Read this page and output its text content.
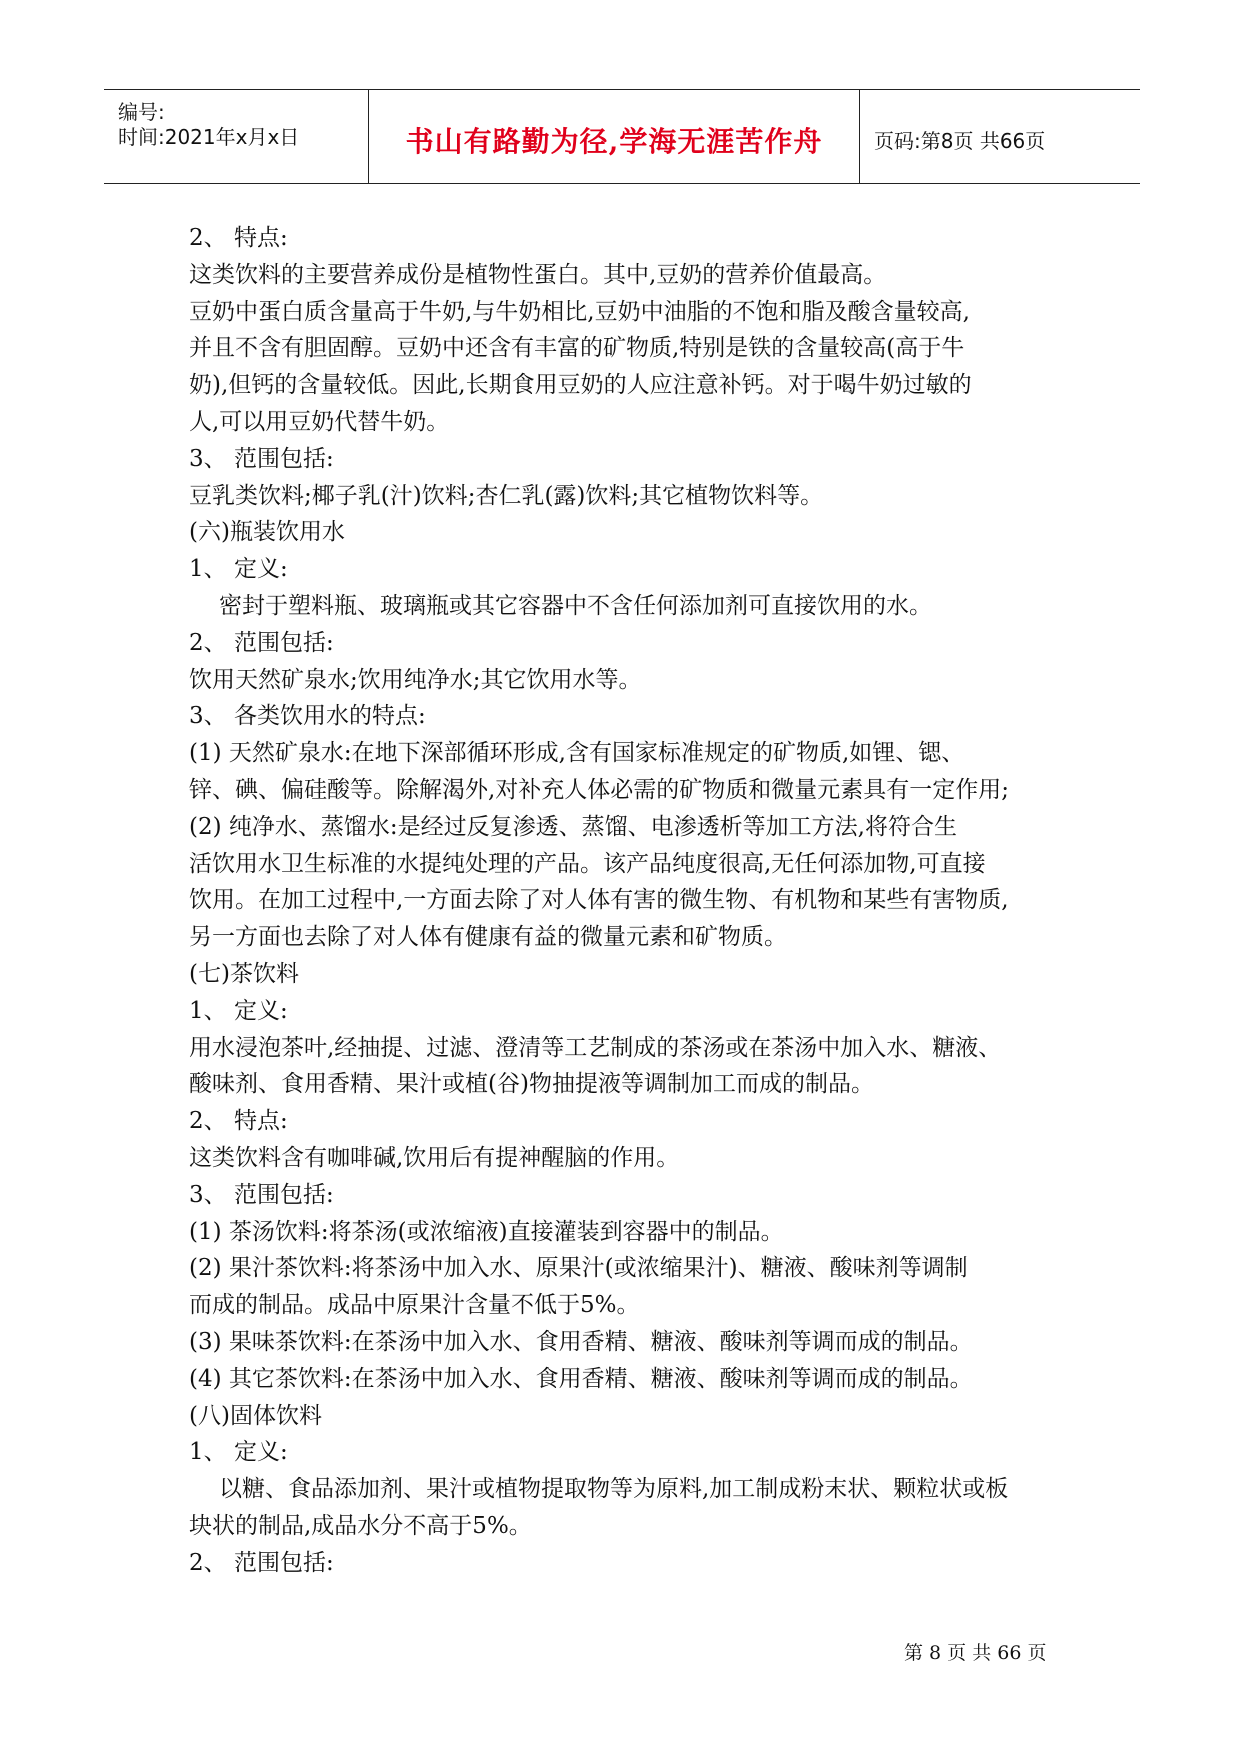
编号:
时间:2021年x月x日	书山有路勤为径,学海无涯苦作舟	页码:第8页 共66页
2、 特点:
这类饮料的主要营养成份是植物性蛋白。其中,豆奶的营养价值最高。
豆奶中蛋白质含量高于牛奶,与牛奶相比,豆奶中油脂的不饱和脂及酸含量较高,
并且不含有胆固醇。豆奶中还含有丰富的矿物质,特别是铁的含量较高(高于牛
奶),但钙的含量较低。因此,长期食用豆奶的人应注意补钙。对于喝牛奶过敏的
人,可以用豆奶代替牛奶。
3、 范围包括:
豆乳类饮料;椰子乳(汁)饮料;杏仁乳(露)饮料;其它植物饮料等。
(六)瓶装饮用水
1、 定义:
密封于塑料瓶、玻璃瓶或其它容器中不含任何添加剂可直接饮用的水。
2、 范围包括:
饮用天然矿泉水;饮用纯净水;其它饮用水等。
3、 各类饮用水的特点:
(1) 天然矿泉水:在地下深部循环形成,含有国家标准规定的矿物质,如锂、锶、
锌、碘、偏硅酸等。除解渴外,对补充人体必需的矿物质和微量元素具有一定作用;
(2) 纯净水、蒸馏水:是经过反复渗透、蒸馏、电渗透析等加工方法,将符合生
活饮用水卫生标准的水提纯处理的产品。该产品纯度很高,无任何添加物,可直接
饮用。在加工过程中,一方面去除了对人体有害的微生物、有机物和某些有害物质,
另一方面也去除了对人体有健康有益的微量元素和矿物质。
(七)茶饮料
1、 定义:
用水浸泡茶叶,经抽提、过滤、澄清等工艺制成的茶汤或在茶汤中加入水、糖液、
酸味剂、食用香精、果汁或植(谷)物抽提液等调制加工而成的制品。
2、 特点:
这类饮料含有咖啡碱,饮用后有提神醒脑的作用。
3、 范围包括:
(1) 茶汤饮料:将茶汤(或浓缩液)直接灌装到容器中的制品。
(2) 果汁茶饮料:将茶汤中加入水、原果汁(或浓缩果汁)、糖液、酸味剂等调制
而成的制品。成品中原果汁含量不低于5%。
(3) 果味茶饮料:在茶汤中加入水、食用香精、糖液、酸味剂等调而成的制品。
(4) 其它茶饮料:在茶汤中加入水、食用香精、糖液、酸味剂等调而成的制品。
(八)固体饮料
1、 定义:
以糖、食品添加剂、果汁或植物提取物等为原料,加工制成粉末状、颗粒状或板
块状的制品,成品水分不高于5%。
2、 范围包括:
第 8 页 共 66 页
